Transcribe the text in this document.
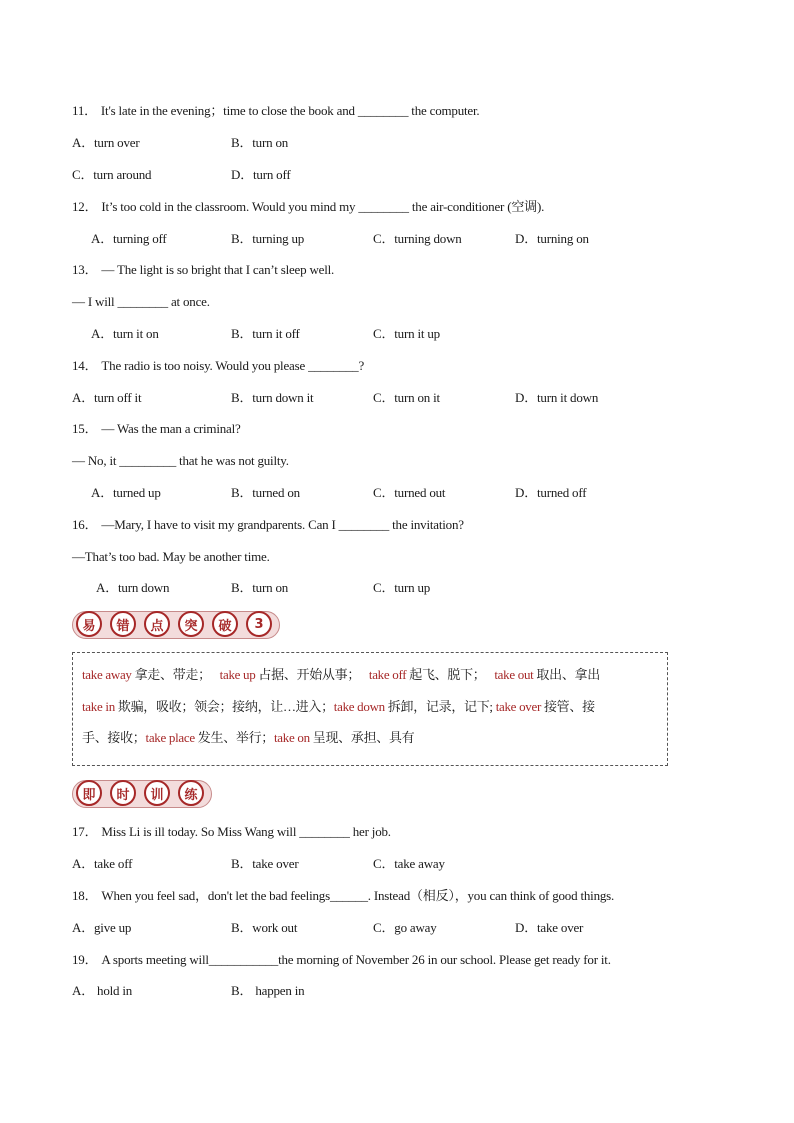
11． It's late in the evening；time to close the book and ________ the computer.
A．turn over	B．turn on
C．turn around	D．turn off
12． It’s too cold in the classroom. Would you mind my ________ the air-conditioner (空调).
A．turning off	B．turning up	C．turning down	D．turning on
13． — The light is so bright that I can’t sleep well.
— I will ________ at once.
A．turn it on	B．turn it off	C．turn it up
14． The radio is too noisy. Would you please ________?
A．turn off it	B．turn down it	C．turn on it	D．turn it down
15． — Was the man a criminal?
— No, it _________ that he was not guilty.
A．turned up	B．turned on	C．turned out	D．turned off
16． —Mary, I have to visit my grandparents. Can I ________ the invitation?
—That’s too bad. May be another time.
A．turn down	B．turn on	C．turn up
易	错	点	突	破	3
take away 拿走、带走； take up 占据、开始从事； take off 起飞、脱下； take out 取出、拿出
take in 欺骗，吸收；领会；接纳，让…进入；take down 拆卸，记录，记下; take over 接管、接
手、接收；take place 发生、举行；take on 呈现、承担、具有
即	时	训	练
17． Miss Li is ill today. So Miss Wang will ________ her job.
A．take off	B．take over	C．take away
18． When you feel sad，don't let the bad feelings______. Instead（相反），you can think of good things.
A．give up	B．work out	C．go away	D．take over
19． A sports meeting will___________the morning of November 26 in our school. Please get ready for it.
A． hold in	B． happen in
